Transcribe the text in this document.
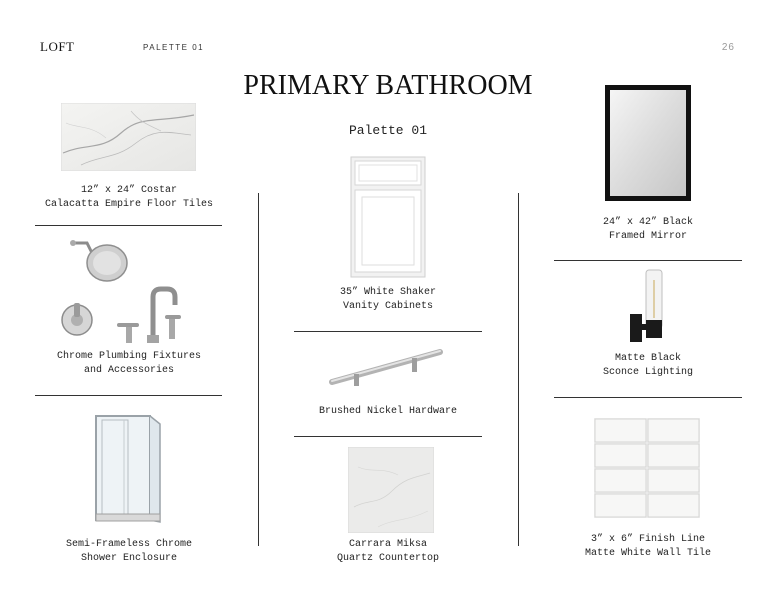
LOFT	PALETTE 01	26
PRIMARY BATHROOM
Palette 01
12” x 24” Costar
Calacatta Empire Floor Tiles
Chrome Plumbing Fixtures
and Accessories
Semi-Frameless Chrome
Shower Enclosure
35” White Shaker
Vanity Cabinets
Brushed Nickel Hardware
Carrara Miksa
Quartz Countertop
24” x 42” Black
Framed Mirror
Matte Black
Sconce Lighting
3” x 6” Finish Line
Matte White Wall Tile
